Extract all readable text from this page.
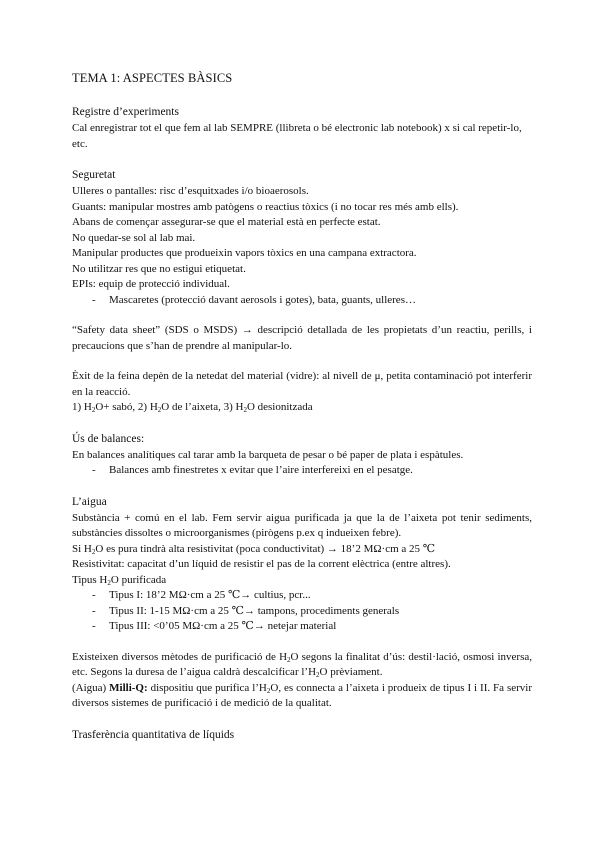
TEMA 1: ASPECTES BÀSICS

Registre d’experiments

Cal enregistrar tot el que fem al lab SEMPRE (llibreta o bé electronic lab notebook) x si cal repetir-lo, etc.

Seguretat

Ulleres o pantalles: risc d’esquitxades i/o bioaerosols.

Guants: manipular mostres amb patògens o reactius tòxics (i no tocar res més amb ells).

Abans de començar assegurar-se que el material està en perfecte estat.

No quedar-se sol al lab mai.

Manipular productes que produeixin vapors tòxics en una campana extractora.

No utilitzar res que no estigui etiquetat.

EPIs: equip de protecció individual.

-	Mascaretes (protecció davant aerosols i gotes), bata, guants, ulleres…

“Safety data sheet” (SDS o MSDS) → descripció detallada de les propietats d’un reactiu, perills, i precaucions que s’han de prendre al manipular-lo.

Èxit de la feina depèn de la netedat del material (vidre): al nivell de μ, petita contaminació pot interferir en la reacció.

1) $H_2O+$ sabó, 2) $H_2O$ de l’aixeta, 3) $H_2O$ desionitzada

Ús de balances:

En balances analítiques cal tarar amb la barqueta de pesar o bé paper de plata i espàtules.

-	Balances amb finestretes x evitar que l’aire interfereixi en el pesatge.

L’aigua

Substància + comú en el lab. Fem servir aigua purificada ja que la de l’aixeta pot tenir sediments, substàncies dissoltes o microorganismes (pirògens p.ex q indueixen febre).

Si $H_2O$ es pura tindrà alta resistivitat (poca conductivitat) → 18’2 MΩ·cm a 25 ℃

Resistivitat: capacitat d’un líquid de resistir el pas de la corrent elèctrica (entre altres).

Tipus $H_2O$ purificada

-	Tipus I: 18’2 MΩ·cm a 25 ℃→ cultius, pcr...
-	Tipus II: 1-15 MΩ·cm a 25 ℃→ tampons, procediments generals
-	Tipus III: <0’05 MΩ·cm a 25 ℃→ netejar material

Existeixen diversos mètodes de purificació de $H_2O$ segons la finalitat d’ús: destil·lació, osmosi inversa, etc. Segons la duresa de l’aigua caldrà descalcificar $l’H_2O$ prèviament.

(Aigua) Milli-Q: dispositiu que purifica $l’H_2O$, es connecta a l’aixeta i produeix de tipus I i II. Fa servir diversos sistemes de purificació i de medició de la qualitat.

Trasferència quantitativa de líquids
